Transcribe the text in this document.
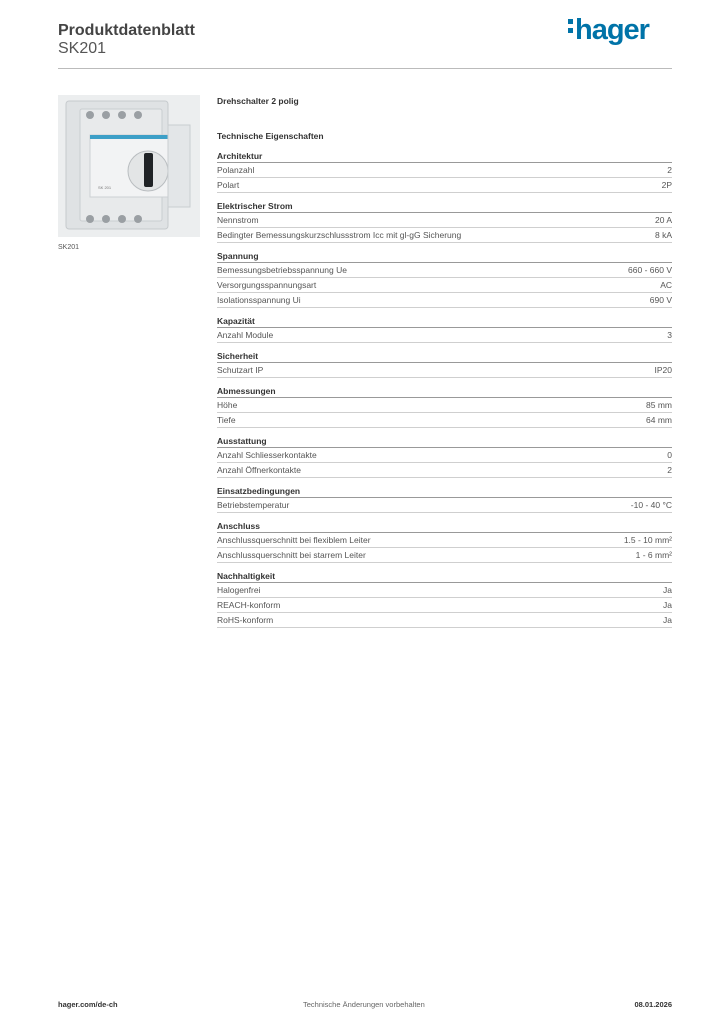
Produktdatenblatt
SK201
hager
SK 201
SK201
Drehschalter 2 polig
Technische Eigenschaften
Architektur
Polanzahl	2
Polart	2P
Elektrischer Strom
Nennstrom	20 A
Bedingter Bemessungskurzschlussstrom Icc mit gl-gG Sicherung	8 kA
Spannung
Bemessungsbetriebsspannung Ue	660 - 660 V
Versorgungsspannungsart	AC
Isolationsspannung Ui	690 V
Kapazität
Anzahl Module	3
Sicherheit
Schutzart IP	IP20
Abmessungen
Höhe	85 mm
Tiefe	64 mm
Ausstattung
Anzahl Schliesserkontakte	0
Anzahl Öffnerkontakte	2
Einsatzbedingungen
Betriebstemperatur	-10 - 40 °C
Anschluss
Anschlussquerschnitt bei flexiblem Leiter	1.5 - 10 mm²
Anschlussquerschnitt bei starrem Leiter	1 - 6 mm²
Nachhaltigkeit
Halogenfrei	Ja
REACH-konform	Ja
RoHS-konform	Ja
hager.com/de-ch	Technische Änderungen vorbehalten	08.01.2026
